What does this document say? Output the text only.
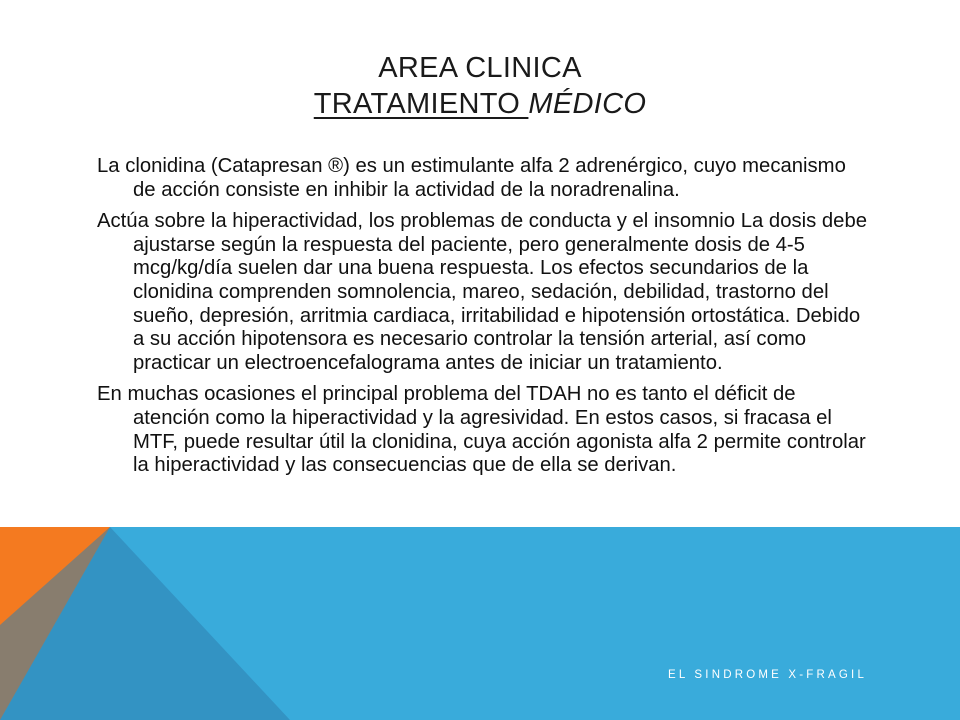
AREA CLINICA
TRATAMIENTO MÉDICO

La clonidina (Catapresan ®) es un estimulante alfa 2 adrenérgico, cuyo mecanismo de acción consiste en inhibir la actividad de la noradrenalina.

Actúa sobre la hiperactividad, los problemas de conducta y el insomnio La dosis debe ajustarse según la respuesta del paciente, pero generalmente dosis de 4-5 mcg/kg/día suelen dar una buena respuesta. Los efectos secundarios de la clonidina comprenden somnolencia, mareo, sedación, debilidad, trastorno del sueño, depresión, arritmia cardiaca, irritabilidad e hipotensión ortostática. Debido a su acción hipotensora es necesario controlar la tensión arterial, así como practicar un electroencefalograma antes de iniciar un tratamiento.

En muchas ocasiones el principal problema del TDAH no es tanto el déficit de atención como la hiperactividad y la agresividad. En estos casos, si fracasa el MTF, puede resultar útil la clonidina, cuya acción agonista alfa 2 permite controlar la hiperactividad y las consecuencias que de ella se derivan.

EL SINDROME X-FRAGIL
